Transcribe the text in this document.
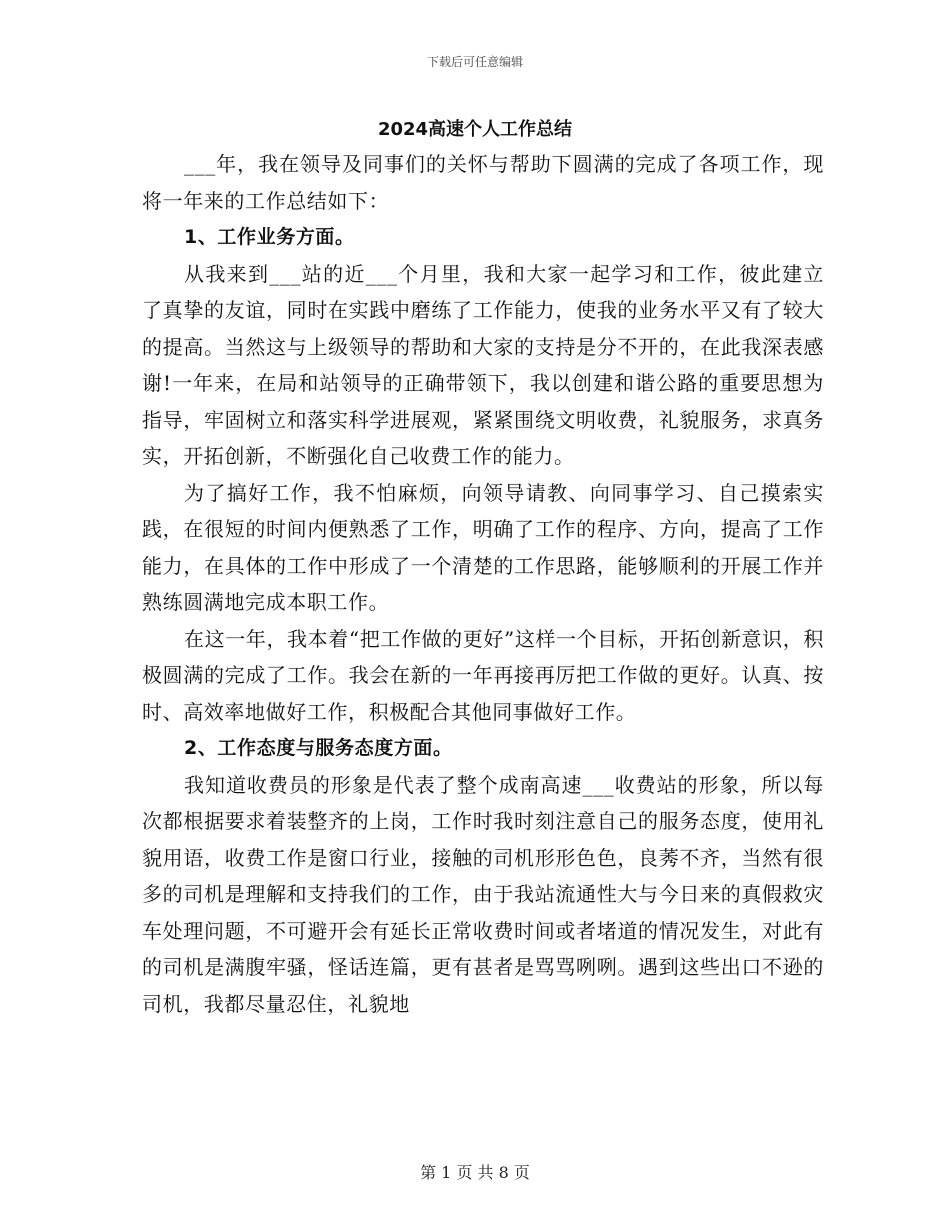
下载后可任意编辑
2024高速个人工作总结

___年，我在领导及同事们的关怀与帮助下圆满的完成了各项工作，现将一年来的工作总结如下：

1、工作业务方面。

从我来到___站的近___个月里，我和大家一起学习和工作，彼此建立了真挚的友谊，同时在实践中磨练了工作能力，使我的业务水平又有了较大的提高。当然这与上级领导的帮助和大家的支持是分不开的，在此我深表感谢!一年来，在局和站领导的正确带领下，我以创建和谐公路的重要思想为指导，牢固树立和落实科学进展观，紧紧围绕文明收费，礼貌服务，求真务实，开拓创新，不断强化自己收费工作的能力。

为了搞好工作，我不怕麻烦，向领导请教、向同事学习、自己摸索实践，在很短的时间内便熟悉了工作，明确了工作的程序、方向，提高了工作能力，在具体的工作中形成了一个清楚的工作思路，能够顺利的开展工作并熟练圆满地完成本职工作。

在这一年，我本着“把工作做的更好”这样一个目标，开拓创新意识，积极圆满的完成了工作。我会在新的一年再接再厉把工作做的更好。认真、按时、高效率地做好工作，积极配合其他同事做好工作。

2、工作态度与服务态度方面。

我知道收费员的形象是代表了整个成南高速___收费站的形象，所以每次都根据要求着装整齐的上岗，工作时我时刻注意自己的服务态度，使用礼貌用语，收费工作是窗口行业，接触的司机形形色色，良莠不齐，当然有很多的司机是理解和支持我们的工作，由于我站流通性大与今日来的真假救灾车处理问题，不可避开会有延长正常收费时间或者堵道的情况发生，对此有的司机是满腹牢骚，怪话连篇，更有甚者是骂骂咧咧。遇到这些出口不逊的司机，我都尽量忍住，礼貌地

第 1 页 共 8 页
